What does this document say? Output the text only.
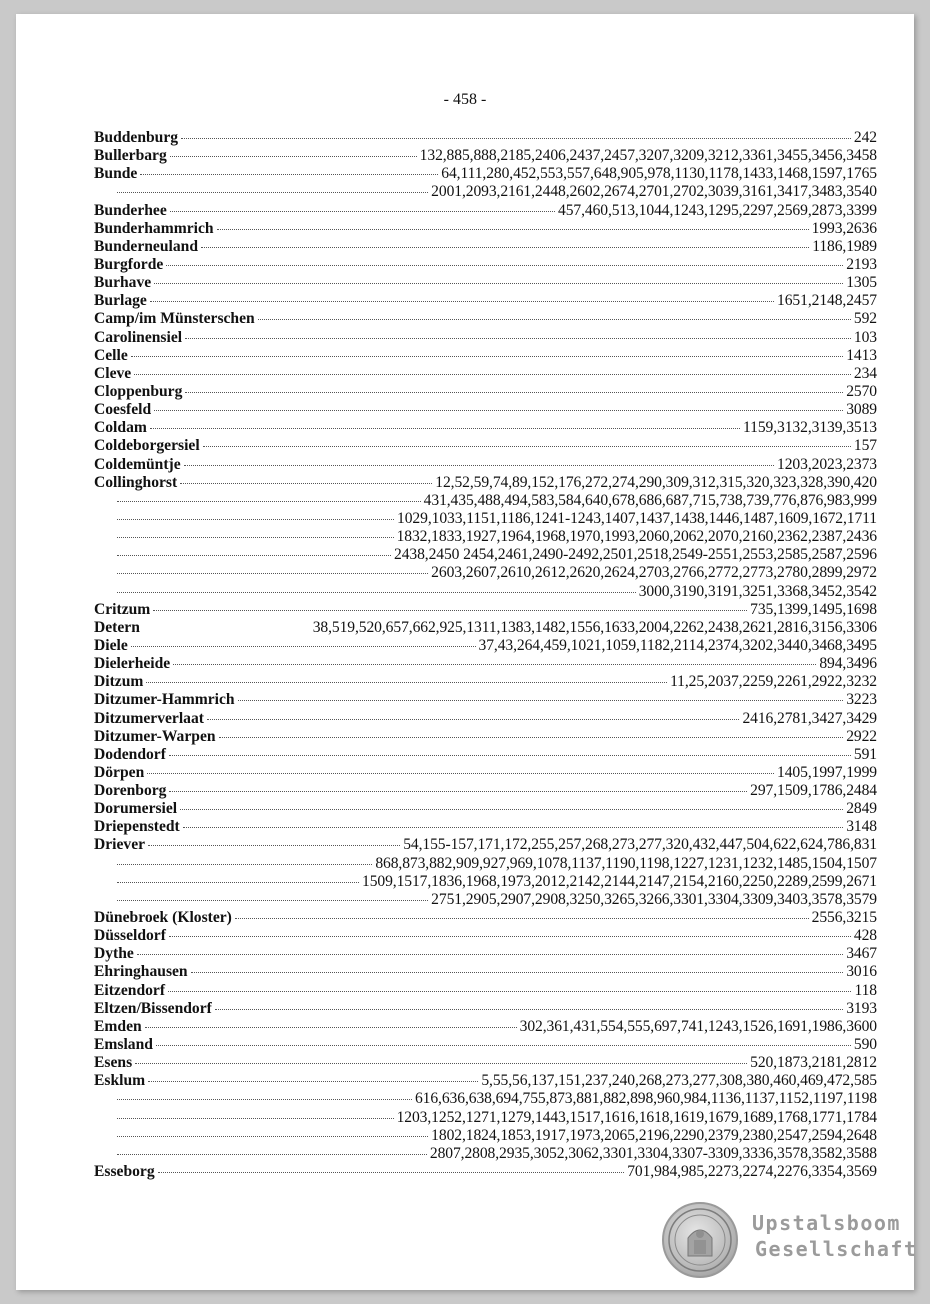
- 458 -
Buddenburg	242
Bullerbarg	132,885,888,2185,2406,2437,2457,3207,3209,3212,3361,3455,3456,3458
Bunde	64,111,280,452,553,557,648,905,978,1130,1178,1433,1468,1597,1765
2001,2093,2161,2448,2602,2674,2701,2702,3039,3161,3417,3483,3540
Bunderhee	457,460,513,1044,1243,1295,2297,2569,2873,3399
Bunderhammrich	1993,2636
Bunderneuland	1186,1989
Burgforde	2193
Burhave	1305
Burlage	1651,2148,2457
Camp/im Münsterschen	592
Carolinensiel	103
Celle	1413
Cleve	234
Cloppenburg	2570
Coesfeld	3089
Coldam	1159,3132,3139,3513
Coldeborgersiel	157
Coldemüntje	1203,2023,2373
Collinghorst	12,52,59,74,89,152,176,272,274,290,309,312,315,320,323,328,390,420
431,435,488,494,583,584,640,678,686,687,715,738,739,776,876,983,999
1029,1033,1151,1186,1241-1243,1407,1437,1438,1446,1487,1609,1672,1711
1832,1833,1927,1964,1968,1970,1993,2060,2062,2070,2160,2362,2387,2436
2438,2450 2454,2461,2490-2492,2501,2518,2549-2551,2553,2585,2587,2596
2603,2607,2610,2612,2620,2624,2703,2766,2772,2773,2780,2899,2972
3000,3190,3191,3251,3368,3452,3542
Critzum	735,1399,1495,1698
Detern	38,519,520,657,662,925,1311,1383,1482,1556,1633,2004,2262,2438,2621,2816,3156,3306
Diele	37,43,264,459,1021,1059,1182,2114,2374,3202,3440,3468,3495
Dielerheide	894,3496
Ditzum	11,25,2037,2259,2261,2922,3232
Ditzumer-Hammrich	3223
Ditzumerverlaat	2416,2781,3427,3429
Ditzumer-Warpen	2922
Dodendorf	591
Dörpen	1405,1997,1999
Dorenborg	297,1509,1786,2484
Dorumersiel	2849
Driepenstedt	3148
Driever	54,155-157,171,172,255,257,268,273,277,320,432,447,504,622,624,786,831
868,873,882,909,927,969,1078,1137,1190,1198,1227,1231,1232,1485,1504,1507
1509,1517,1836,1968,1973,2012,2142,2144,2147,2154,2160,2250,2289,2599,2671
2751,2905,2907,2908,3250,3265,3266,3301,3304,3309,3403,3578,3579
Dünebroek (Kloster)	2556,3215
Düsseldorf	428
Dythe	3467
Ehringhausen	3016
Eitzendorf	118
Eltzen/Bissendorf	3193
Emden	302,361,431,554,555,697,741,1243,1526,1691,1986,3600
Emsland	590
Esens	520,1873,2181,2812
Esklum	5,55,56,137,151,237,240,268,273,277,308,380,460,469,472,585
616,636,638,694,755,873,881,882,898,960,984,1136,1137,1152,1197,1198
1203,1252,1271,1279,1443,1517,1616,1618,1619,1679,1689,1768,1771,1784
1802,1824,1853,1917,1973,2065,2196,2290,2379,2380,2547,2594,2648
2807,2808,2935,3052,3062,3301,3304,3307-3309,3336,3578,3582,3588
Esseborg	701,984,985,2273,2274,2276,3354,3569
Upstalsboom
Gesellschaft
